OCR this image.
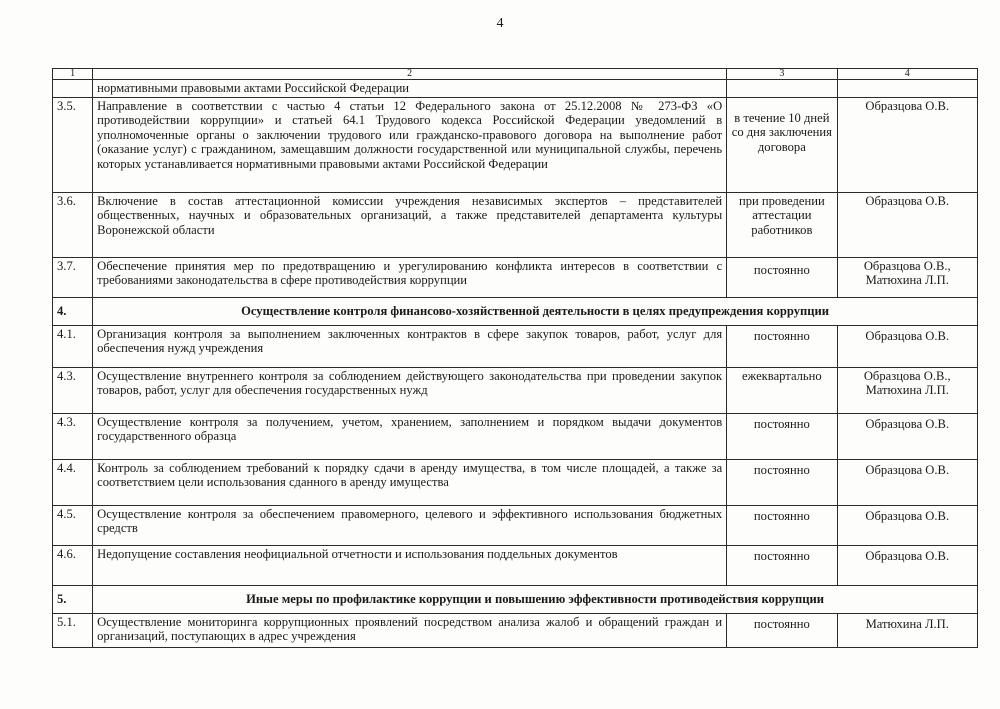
4
1	2	3	4
	нормативными правовыми актами Российской Федерации		
3.5.	Направление в соответствии с частью 4 статьи 12 Федерального закона от 25.12.2008 № 273-ФЗ «О противодействии коррупции» и статьей 64.1 Трудового кодекса Российской Федерации уведомлений в уполномоченные органы о заключении трудового или гражданско-правового договора на выполнение работ (оказание услуг) с гражданином, замещавшим должности государственной или муниципальной службы, перечень которых устанавливается нормативными правовыми актами Российской Федерации	в течение 10 дней со дня заключения договора	Образцова О.В.
3.6.	Включение в состав аттестационной комиссии учреждения независимых экспертов – представителей общественных, научных и образовательных организаций, а также представителей департамента культуры Воронежской области	при проведении аттестации работников	Образцова О.В.
3.7.	Обеспечение принятия мер по предотвращению и урегулированию конфликта интересов в соответствии с требованиями законодательства в сфере противодействия коррупции	постоянно	Образцова О.В., Матюхина Л.П.
4.	Осуществление контроля финансово-хозяйственной деятельности в целях предупреждения коррупции		
4.1.	Организация контроля за выполнением заключенных контрактов в сфере закупок товаров, работ, услуг для обеспечения нужд учреждения	постоянно	Образцова О.В.

4.3.	Осуществление внутреннего контроля за соблюдением действующего законодательства при проведении закупок товаров, работ, услуг для обеспечения государственных нужд	ежеквартально	Образцова О.В., Матюхина Л.П.
4.3.	Осуществление контроля за получением, учетом, хранением, заполнением и порядком выдачи документов государственного образца	постоянно	Образцова О.В.

4.4.	Контроль за соблюдением требований к порядку сдачи в аренду имущества, в том числе площадей, а также за соответствием цели использования сданного в аренду имущества	постоянно	Образцова О.В.

4.5.	Осуществление контроля за обеспечением правомерного, целевого и эффективного использования бюджетных средств	постоянно	Образцова О.В.

4.6.	Недопущение составления неофициальной отчетности и использования поддельных документов	постоянно	Образцова О.В.

5.	Иные меры по профилактике коррупции и повышению эффективности противодействия коррупции		
5.1.	Осуществление мониторинга коррупционных проявлений посредством анализа жалоб и обращений граждан и организаций, поступающих в адрес учреждения	постоянно	Матюхина Л.П.
